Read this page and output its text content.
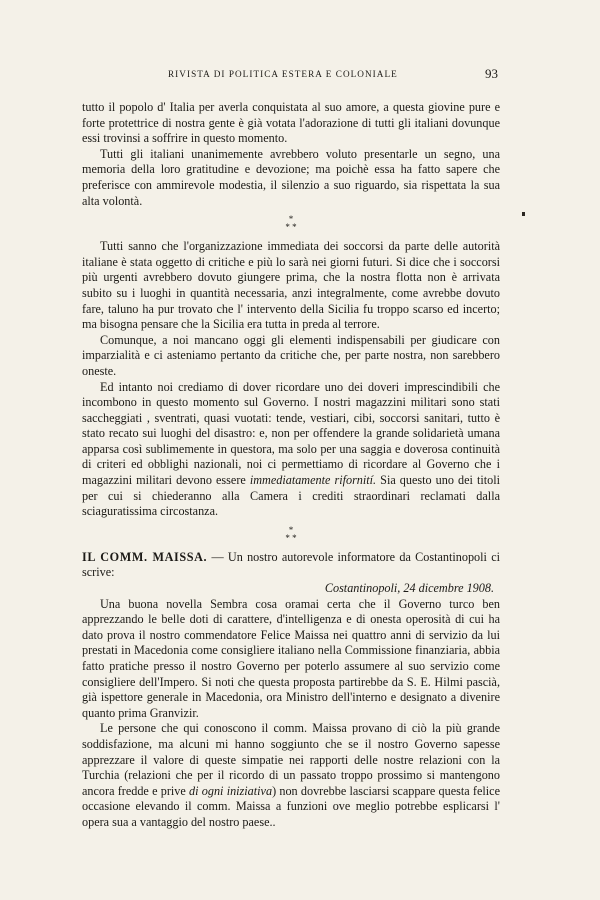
RIVISTA DI POLITICA ESTERA E COLONIALE	93

tutto il popolo d' Italia per averla conquistata al suo amore, a questa giovine pure e forte protettrice di nostra gente è già votata l'adorazione di tutti gli italiani dovunque essi trovinsi a soffrire in questo momento.

Tutti gli italiani unanimemente avrebbero voluto presentarle un segno, una memoria della loro gratitudine e devozione; ma poichè essa ha fatto sapere che preferisce con ammirevole modestia, il silenzio a suo riguardo, sia rispettata la sua alta volontà.

*
* *

Tutti sanno che l'organizzazione immediata dei soccorsi da parte delle autorità italiane è stata oggetto di critiche e più lo sarà nei giorni futuri. Si dice che i soccorsi più urgenti avrebbero dovuto giungere prima, che la nostra flotta non è arrivata subito su i luoghi in quantità necessaria, anzi integralmente, come avrebbe dovuto fare, taluno ha pur trovato che l' intervento della Sicilia fu troppo scarso ed incerto; ma bisogna pensare che la Sicilia era tutta in preda al terrore.

Comunque, a noi mancano oggi gli elementi indispensabili per giudicare con imparzialità e ci asteniamo pertanto da critiche che, per parte nostra, non sarebbero oneste.

Ed intanto noi crediamo di dover ricordare uno dei doveri imprescindibili che incombono in questo momento sul Governo. I nostri magazzini militari sono stati saccheggiati , sventrati, quasi vuotati: tende, vestiari, cibi, soccorsi sanitari, tutto è stato recato sui luoghi del disastro: e, non per offendere la grande solidarietà umana apparsa così sublimemente in questora, ma solo per una saggia e doverosa continuità di criteri ed obblighi nazionali, noi ci permettiamo di ricordare al Governo che i magazzini militari devono essere immediatamente rifornití. Sia questo uno dei titoli per cui si chiederanno alla Camera i crediti straordinari reclamati dalla sciaguratissima circostanza.

*
* *

IL COMM. MAISSA. — Un nostro autorevole informatore da Costantinopoli ci scrive:

Costantinopoli, 24 dicembre 1908.

Una buona novella Sembra cosa oramai certa che il Governo turco ben apprezzando le belle doti di carattere, d'intelligenza e di onesta operosità di cui ha dato prova il nostro commendatore Felice Maissa nei quattro anni di servizio da lui prestati in Macedonia come consigliere italiano nella Commissione finanziaria, abbia fatto pratiche presso il nostro Governo per poterlo assumere al suo servizio come consigliere dell'Impero. Si noti che questa proposta partirebbe da S. E. Hilmi pascià, già ispettore generale in Macedonia, ora Ministro dell'interno e designato a divenire quanto prima Granvizir.

Le persone che qui conoscono il comm. Maissa provano di ciò la più grande soddisfazione, ma alcuni mi hanno soggiunto che se il nostro Governo sapesse apprezzare il valore di queste simpatie nei rapporti delle nostre relazioni con la Turchia (relazioni che per il ricordo di un passato troppo prossimo si mantengono ancora fredde e prive di ogni iniziativa) non dovrebbe lasciarsi scappare questa felice occasione elevando il comm. Maissa a funzioni ove meglio potrebbe esplicarsi l' opera sua a vantaggio del nostro paese..
